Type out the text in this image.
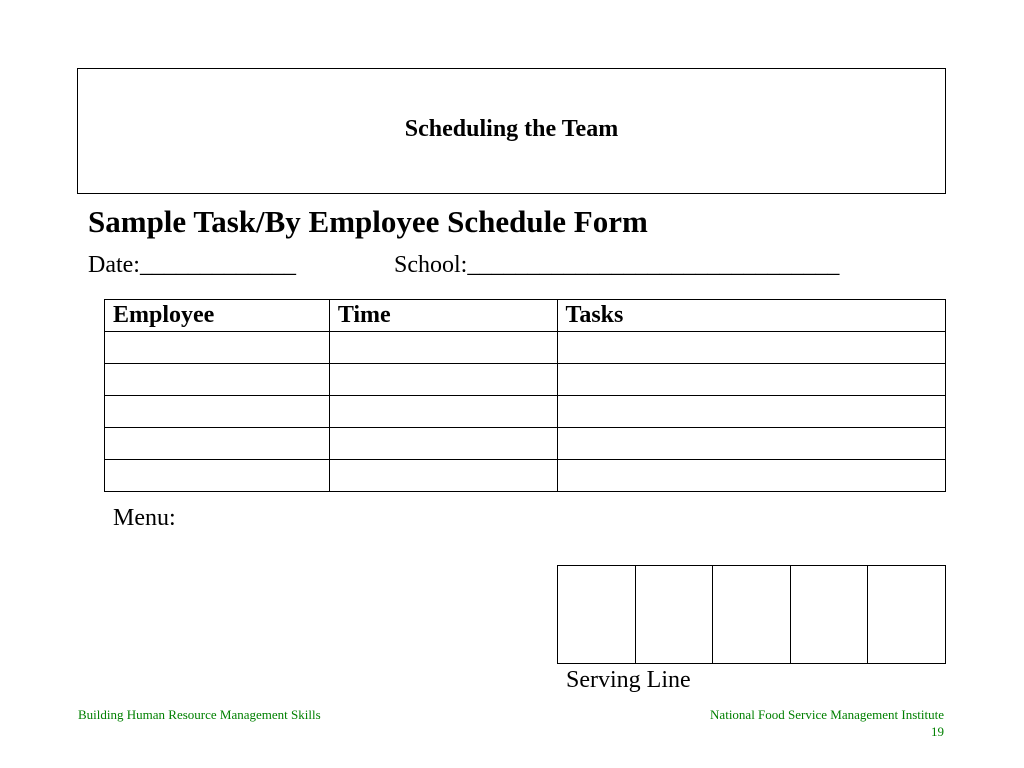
Scheduling the Team
Sample Task/By Employee Schedule Form
Date:_____________	School:_______________________________
Employee	Time	Tasks

Menu:
Serving Line
Building Human Resource Management Skills	National Food Service Management Institute
19
